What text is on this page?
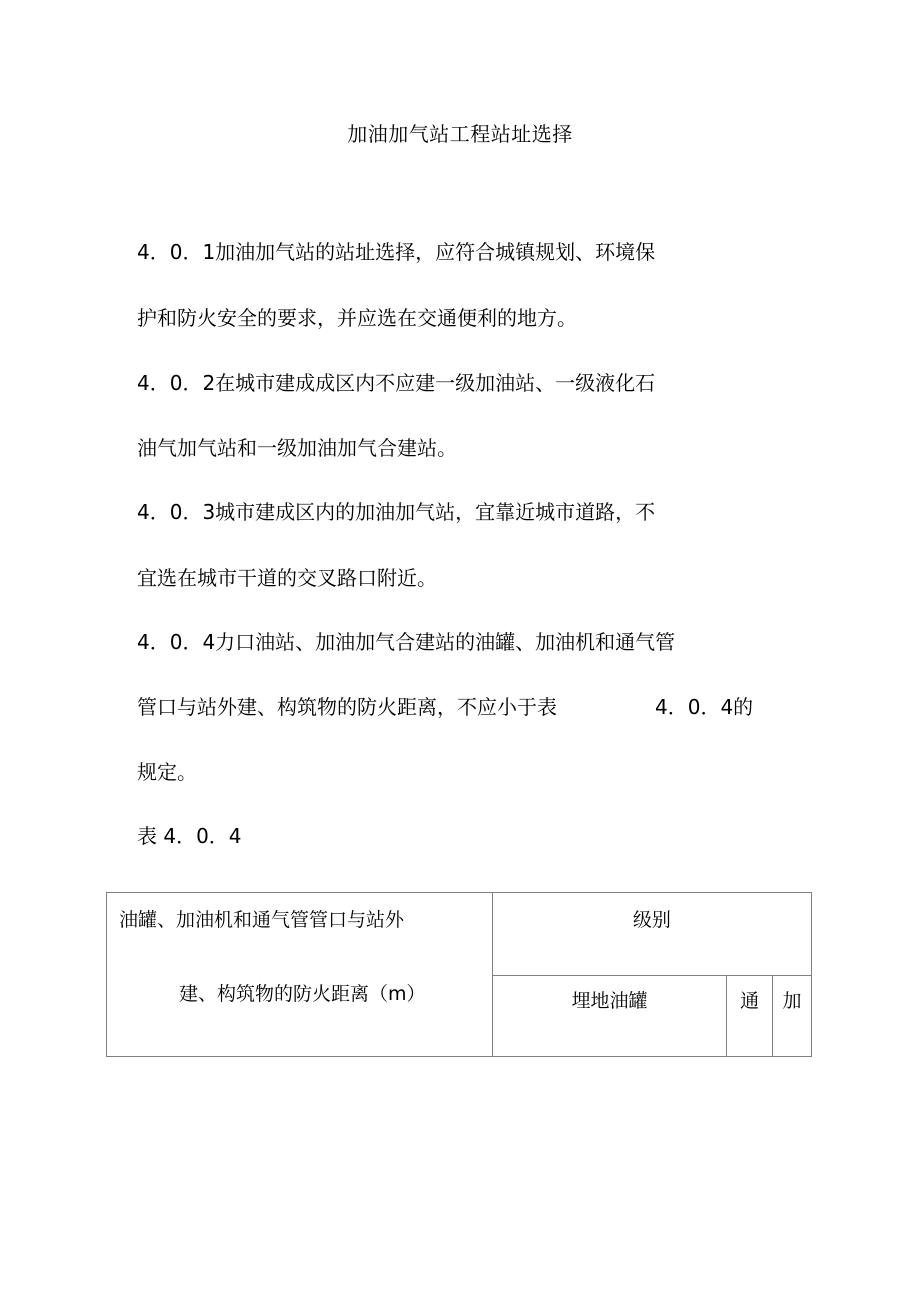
加油加气站工程站址选择
4．0．1加油加气站的站址选择，应符合城镇规划、环境保
护和防火安全的要求，并应选在交通便利的地方。
4．0．2在城市建成成区内不应建一级加油站、一级液化石
油气加气站和一级加油加气合建站。
4．0．3城市建成区内的加油加气站，宜靠近城市道路，不
宜选在城市干道的交叉路口附近。
4．0．4力口油站、加油加气合建站的油罐、加油机和通气管
管口与站外建、构筑物的防火距离，不应小于表	4．0．4的
规定。
表 4．0．4
油罐、加油机和通气管管口与站外
建、构筑物的防火距离（m）	级别		
	埋地油罐	通	加
